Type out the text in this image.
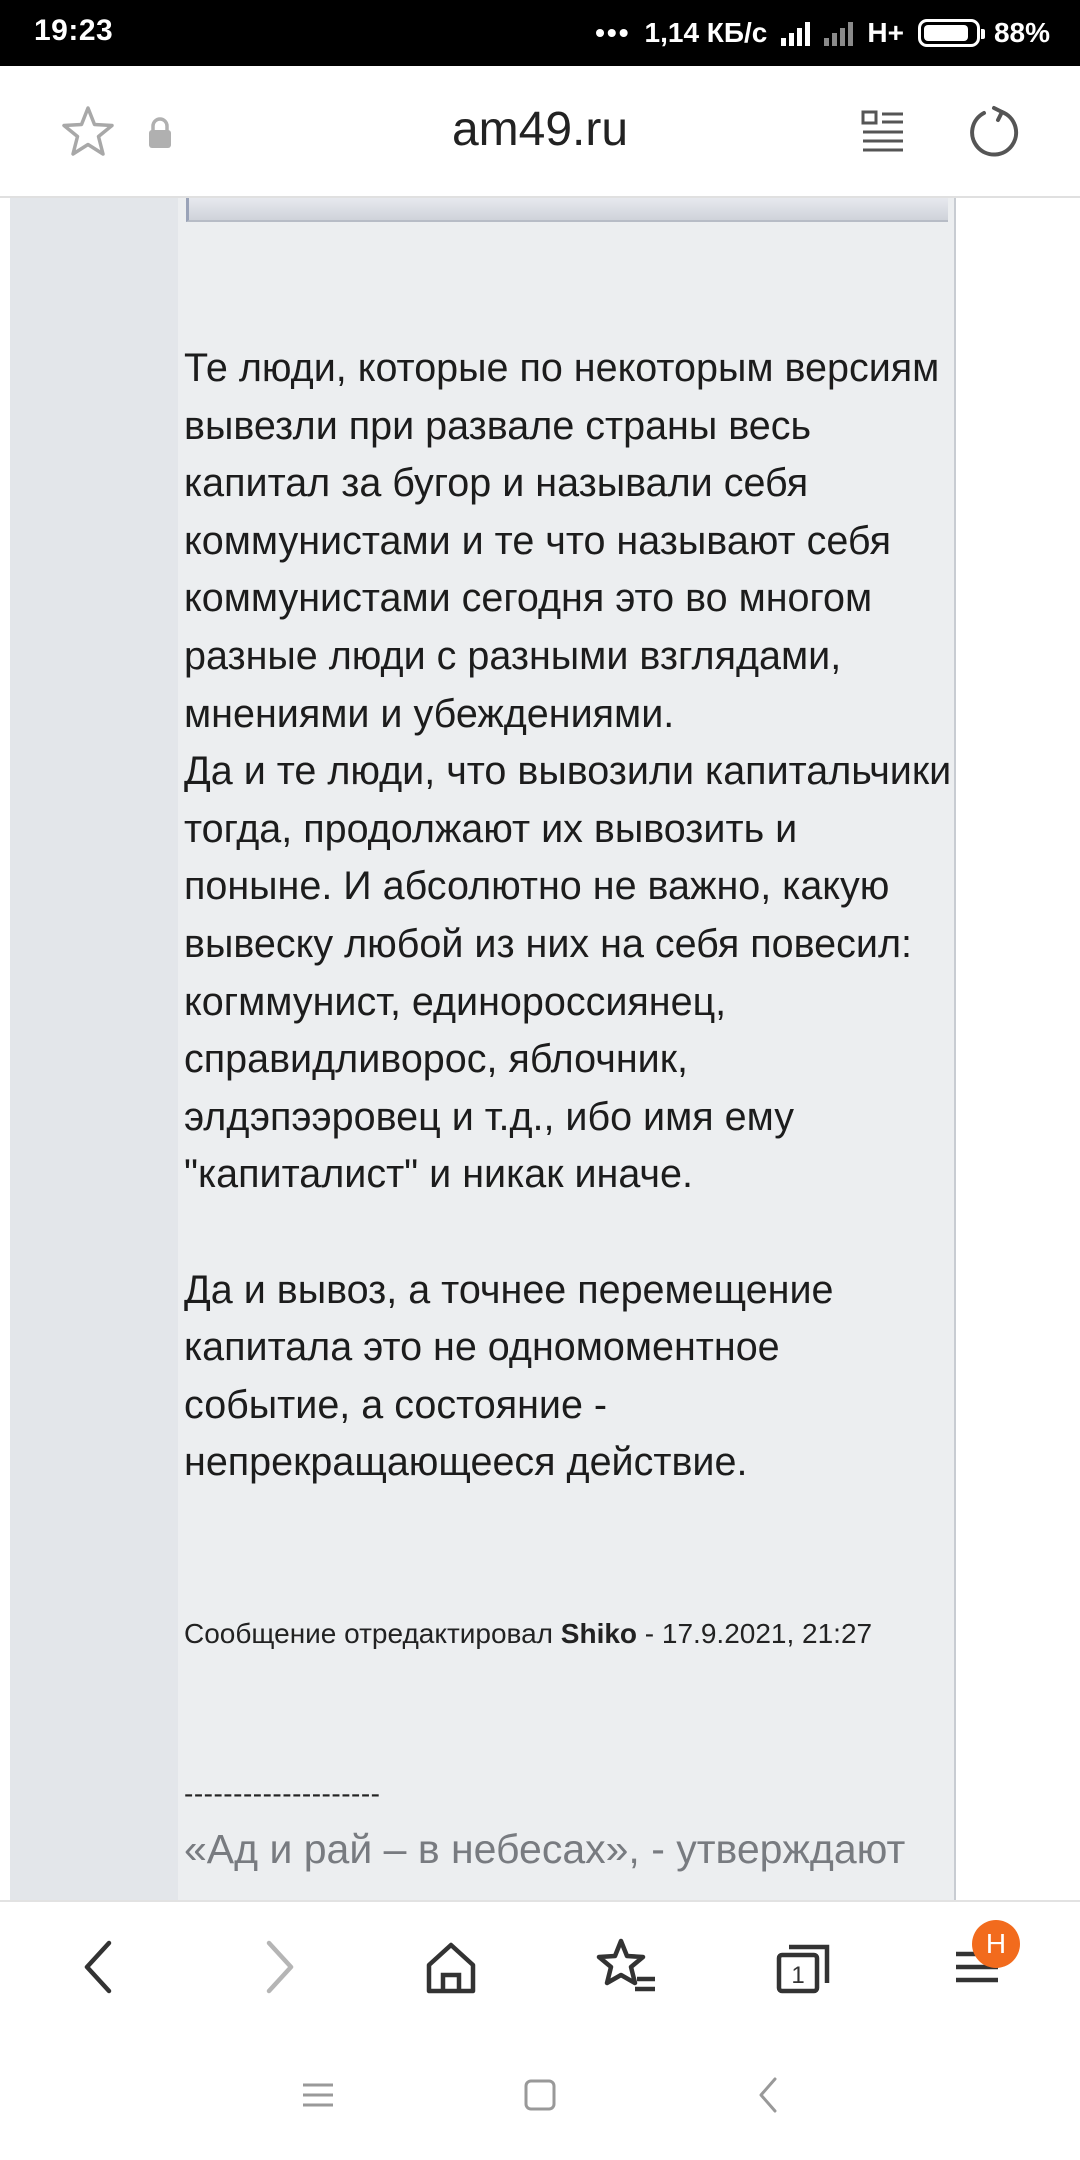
19:23	••• 1,14 КБ/с	H+	88%
am49.ru

Те люди, которые по некоторым версиям вывезли при развале страны весь капитал за бугор и называли себя коммунистами и те что называют себя коммунистами сегодня это во многом разные люди с разными взглядами, мнениями и убеждениями.

Да и те люди, что вывозили капитальчики тогда, продолжают их вывозить и поныне. И абсолютно не важно, какую вывеску любой из них на себя повесил: когммунист, единороссиянец, справидливорос, яблочник, элдэпээровец и т.д., ибо имя ему "капиталист" и никак иначе.

Да и вывоз, а точнее перемещение капитала это не одномоментное событие, а состояние - непрекращающееся действие.

Сообщение отредактировал Shiko - 17.9.2021, 21:27
--------------------
«Ад и рай – в небесах», - утверждают
1
Н
